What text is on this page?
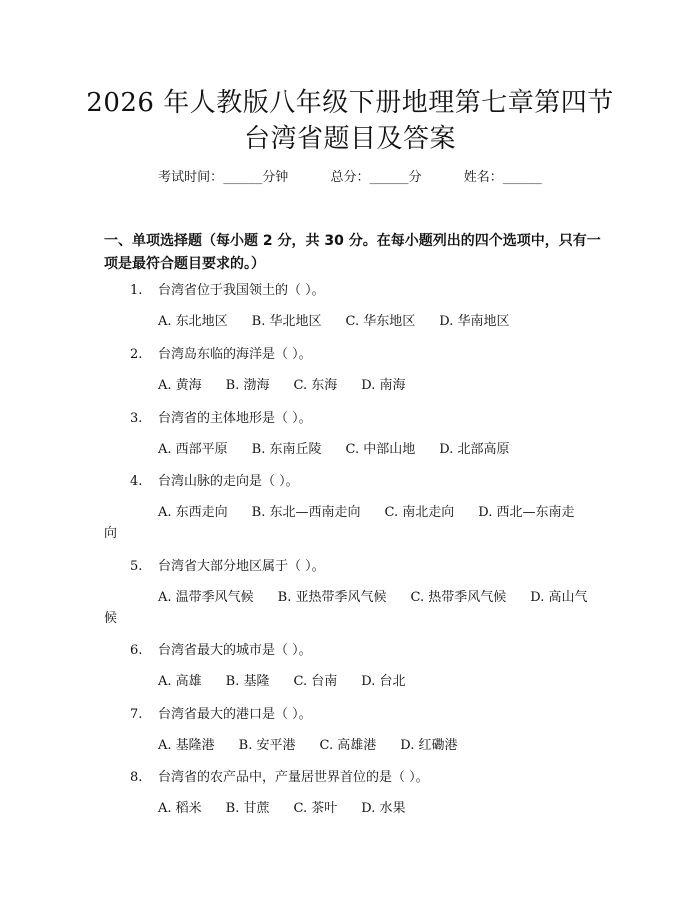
2026 年人教版八年级下册地理第七章第四节
台湾省题目及答案
考试时间：______分钟	总分：______分	姓名：______
一、单项选择题（每小题 2 分，共 30 分。在每小题列出的四个选项中，只有一项是最符合题目要求的。）
1. 台湾省位于我国领土的（ ）。
A. 东北地区 B. 华北地区 C. 华东地区 D. 华南地区
2. 台湾岛东临的海洋是（ ）。
A. 黄海 B. 渤海 C. 东海 D. 南海
3. 台湾省的主体地形是（ ）。
A. 西部平原 B. 东南丘陵 C. 中部山地 D. 北部高原
4. 台湾山脉的走向是（ ）。
A. 东西走向 B. 东北—西南走向 C. 南北走向 D. 西北—东南走向
5. 台湾省大部分地区属于（ ）。
A. 温带季风气候 B. 亚热带季风气候 C. 热带季风气候 D. 高山气候
6. 台湾省最大的城市是（ ）。
A. 高雄 B. 基隆 C. 台南 D. 台北
7. 台湾省最大的港口是（ ）。
A. 基隆港 B. 安平港 C. 高雄港 D. 红磡港
8. 台湾省的农产品中，产量居世界首位的是（ ）。
A. 稻米 B. 甘蔗 C. 茶叶 D. 水果
